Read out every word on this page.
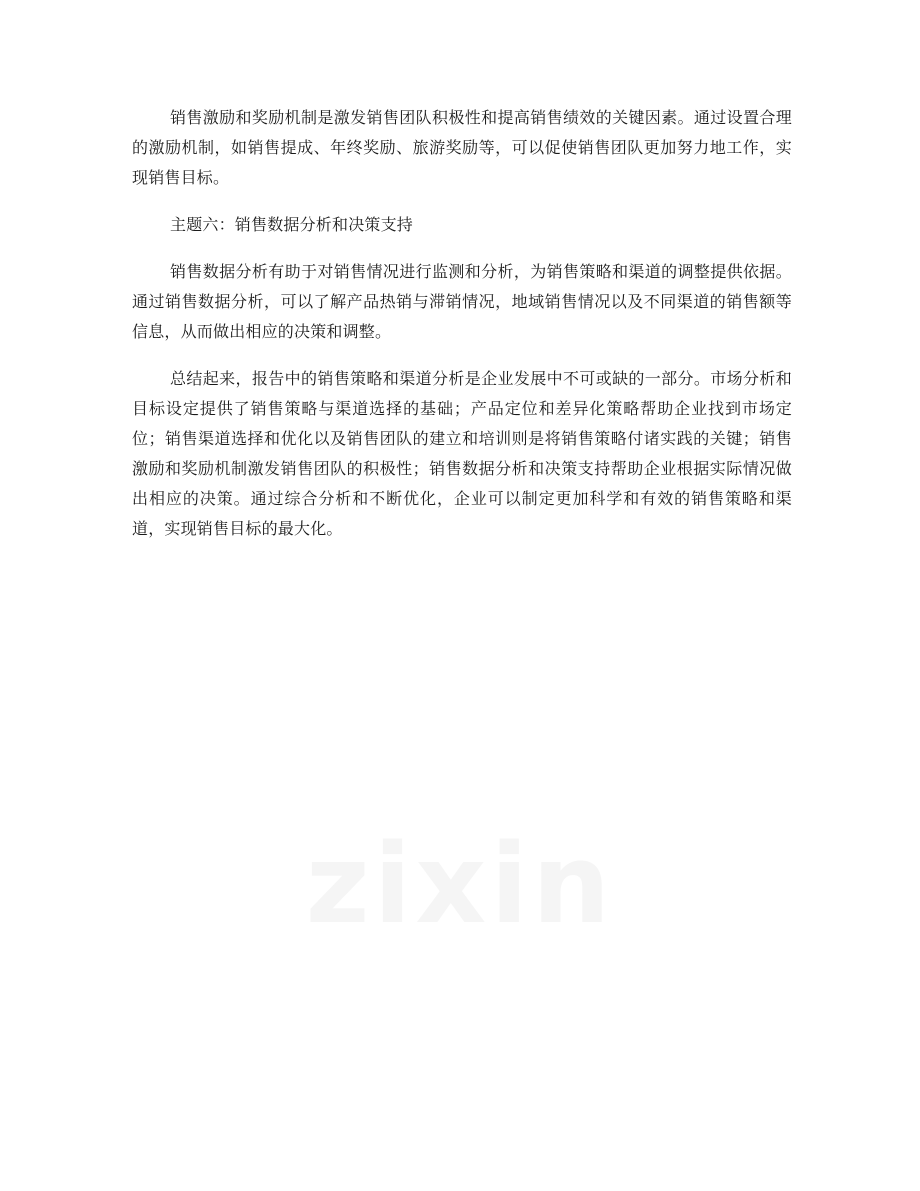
销售激励和奖励机制是激发销售团队积极性和提高销售绩效的关键因素。通过设置合理的激励机制，如销售提成、年终奖励、旅游奖励等，可以促使销售团队更加努力地工作，实现销售目标。

主题六：销售数据分析和决策支持

销售数据分析有助于对销售情况进行监测和分析，为销售策略和渠道的调整提供依据。通过销售数据分析，可以了解产品热销与滞销情况，地域销售情况以及不同渠道的销售额等信息，从而做出相应的决策和调整。

总结起来，报告中的销售策略和渠道分析是企业发展中不可或缺的一部分。市场分析和目标设定提供了销售策略与渠道选择的基础；产品定位和差异化策略帮助企业找到市场定位；销售渠道选择和优化以及销售团队的建立和培训则是将销售策略付诸实践的关键；销售激励和奖励机制激发销售团队的积极性；销售数据分析和决策支持帮助企业根据实际情况做出相应的决策。通过综合分析和不断优化，企业可以制定更加科学和有效的销售策略和渠道，实现销售目标的最大化。

zixin
